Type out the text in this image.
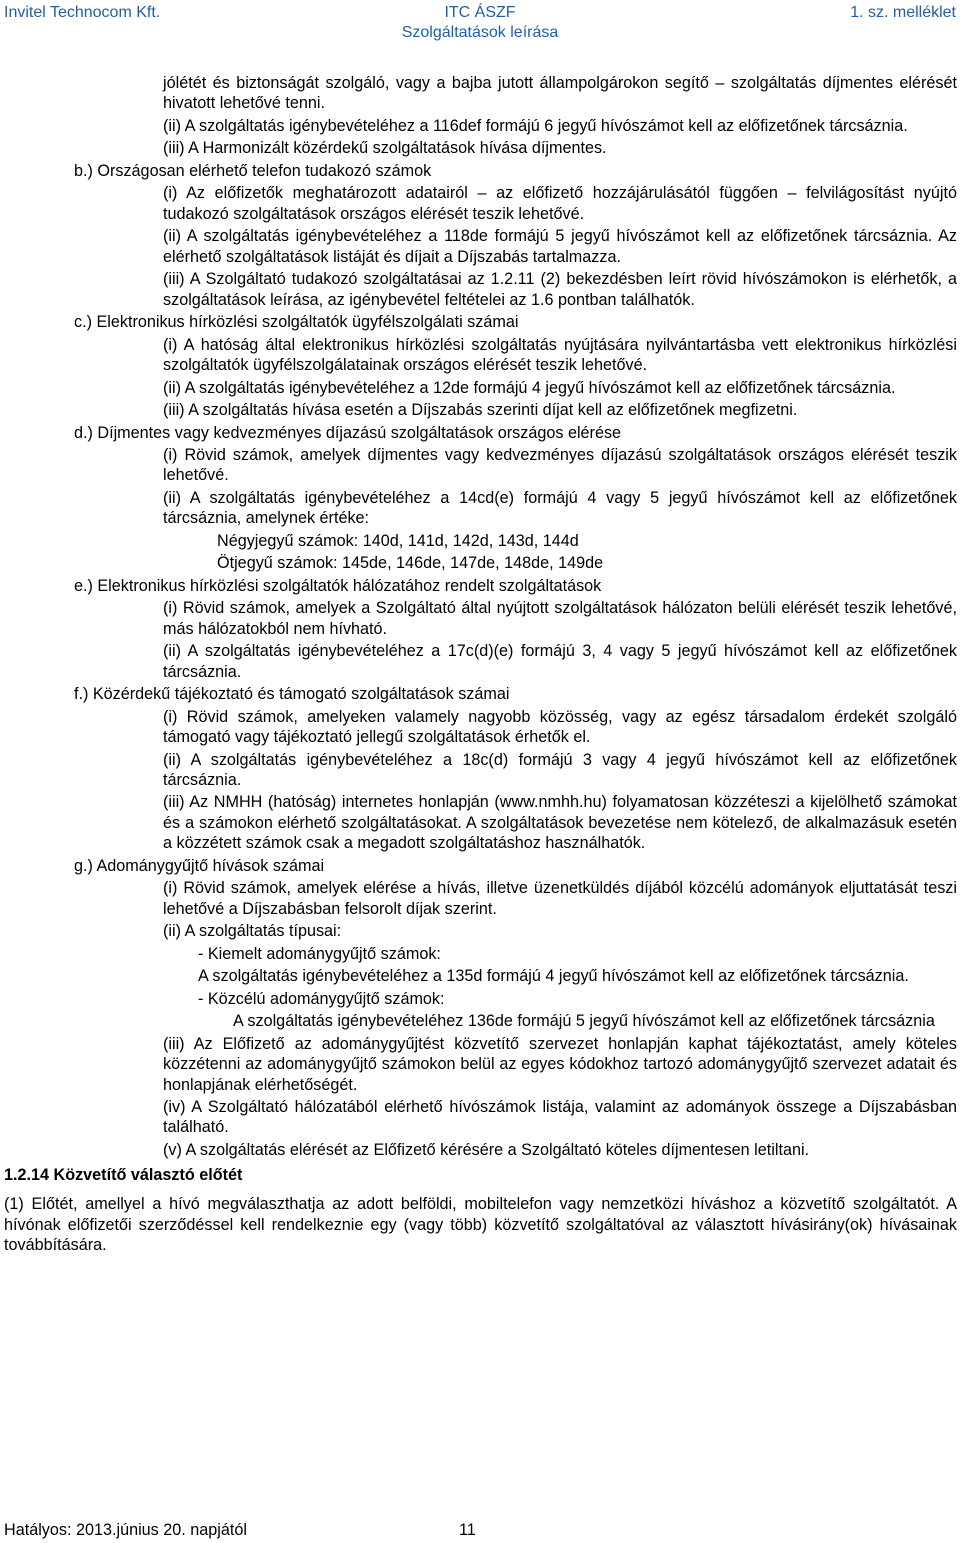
Invitel Technocom Kft.	ITC ÁSZF	1. sz. melléklet
Szolgáltatások leírása

jólétét és biztonságát szolgáló, vagy a bajba jutott állampolgárokon segítő – szolgáltatás díjmentes elérését hivatott lehetővé tenni.

(ii) A szolgáltatás igénybevételéhez a 116def formájú 6 jegyű hívószámot kell az előfizetőnek tárcsáznia.

(iii) A Harmonizált közérdekű szolgáltatások hívása díjmentes.

b.) Országosan elérhető telefon tudakozó számok

(i) Az előfizetők meghatározott adatairól – az előfizető hozzájárulásától függően – felvilágosítást nyújtó tudakozó szolgáltatások országos elérését teszik lehetővé.

(ii) A szolgáltatás igénybevételéhez a 118de formájú 5 jegyű hívószámot kell az előfizetőnek tárcsáznia. Az elérhető szolgáltatások listáját és díjait a Díjszabás tartalmazza.

(iii) A Szolgáltató tudakozó szolgáltatásai az 1.2.11 (2) bekezdésben leírt rövid hívószámokon is elérhetők, a szolgáltatások leírása, az igénybevétel feltételei az 1.6 pontban találhatók.

c.) Elektronikus hírközlési szolgáltatók ügyfélszolgálati számai

(i) A hatóság által elektronikus hírközlési szolgáltatás nyújtására nyilvántartásba vett elektronikus hírközlési szolgáltatók ügyfélszolgálatainak országos elérését teszik lehetővé.

(ii) A szolgáltatás igénybevételéhez a 12de formájú 4 jegyű hívószámot kell az előfizetőnek tárcsáznia.

(iii) A szolgáltatás hívása esetén a Díjszabás szerinti díjat kell az előfizetőnek megfizetni.

d.) Díjmentes vagy kedvezményes díjazású szolgáltatások országos elérése

(i) Rövid számok, amelyek díjmentes vagy kedvezményes díjazású szolgáltatások országos elérését teszik lehetővé.

(ii) A szolgáltatás igénybevételéhez a 14cd(e) formájú 4 vagy 5 jegyű hívószámot kell az előfizetőnek tárcsáznia, amelynek értéke:

Négyjegyű számok: 140d, 141d, 142d, 143d, 144d

Ötjegyű számok: 145de, 146de, 147de, 148de, 149de

e.) Elektronikus hírközlési szolgáltatók hálózatához rendelt szolgáltatások

(i) Rövid számok, amelyek a Szolgáltató által nyújtott szolgáltatások hálózaton belüli elérését teszik lehetővé, más hálózatokból nem hívható.

(ii) A szolgáltatás igénybevételéhez a 17c(d)(e) formájú 3, 4 vagy 5 jegyű hívószámot kell az előfizetőnek tárcsáznia.

f.) Közérdekű tájékoztató és támogató szolgáltatások számai

(i) Rövid számok, amelyeken valamely nagyobb közösség, vagy az egész társadalom érdekét szolgáló támogató vagy tájékoztató jellegű szolgáltatások érhetők el.

(ii) A szolgáltatás igénybevételéhez a 18c(d) formájú 3 vagy 4 jegyű hívószámot kell az előfizetőnek tárcsáznia.

(iii) Az NMHH (hatóság) internetes honlapján (www.nmhh.hu) folyamatosan közzéteszi a kijelölhető számokat és a számokon elérhető szolgáltatásokat. A szolgáltatások bevezetése nem kötelező, de alkalmazásuk esetén a közzétett számok csak a megadott szolgáltatáshoz használhatók.

g.) Adománygyűjtő hívások számai

(i) Rövid számok, amelyek elérése a hívás, illetve üzenetküldés díjából közcélú adományok eljuttatását teszi lehetővé a Díjszabásban felsorolt díjak szerint.

(ii) A szolgáltatás típusai:

- Kiemelt adománygyűjtő számok:

A szolgáltatás igénybevételéhez a 135d formájú 4 jegyű hívószámot kell az előfizetőnek tárcsáznia.

- Közcélú adománygyűjtő számok:

A szolgáltatás igénybevételéhez 136de formájú 5 jegyű hívószámot kell az előfizetőnek tárcsáznia

(iii) Az Előfizető az adománygyűjtést közvetítő szervezet honlapján kaphat tájékoztatást, amely köteles közzétenni az adománygyűjtő számokon belül az egyes kódokhoz tartozó adománygyűjtő szervezet adatait és honlapjának elérhetőségét.

(iv) A Szolgáltató hálózatából elérhető hívószámok listája, valamint az adományok összege a Díjszabásban található.

(v) A szolgáltatás elérését az Előfizető kérésére a Szolgáltató köteles díjmentesen letiltani.

1.2.14 Közvetítő választó előtét

(1) Előtét, amellyel a hívó megválaszthatja az adott belföldi, mobiltelefon vagy nemzetközi híváshoz a közvetítő szolgáltatót. A hívónak előfizetői szerződéssel kell rendelkeznie egy (vagy több) közvetítő szolgáltatóval az választott hívásirány(ok) hívásainak továbbítására.

Hatályos: 2013.június 20. napjától	11
